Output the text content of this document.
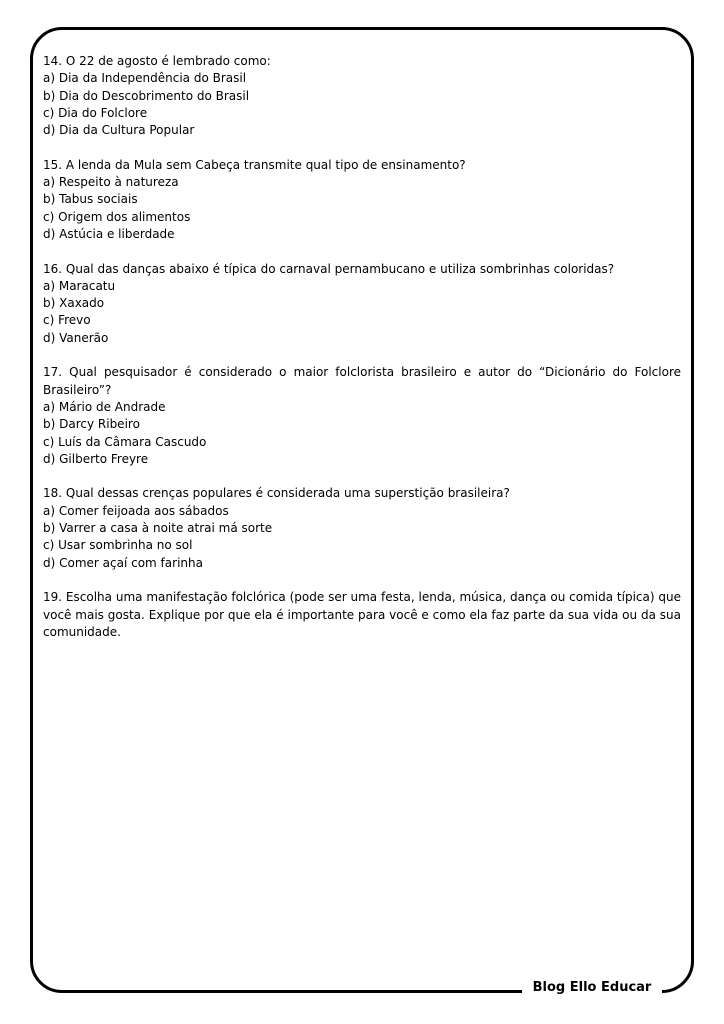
Blog Ello Educar

14. O 22 de agosto é lembrado como:

a) Dia da Independência do Brasil

b) Dia do Descobrimento do Brasil

c) Dia do Folclore

d) Dia da Cultura Popular

15. A lenda da Mula sem Cabeça transmite qual tipo de ensinamento?

a) Respeito à natureza

b) Tabus sociais

c) Origem dos alimentos

d) Astúcia e liberdade

16. Qual das danças abaixo é típica do carnaval pernambucano e utiliza sombrinhas coloridas?

a) Maracatu

b) Xaxado

c) Frevo

d) Vanerão

17. Qual pesquisador é considerado o maior folclorista brasileiro e autor do “Dicionário do Folclore Brasileiro”?

a) Mário de Andrade

b) Darcy Ribeiro

c) Luís da Câmara Cascudo

d) Gilberto Freyre

18. Qual dessas crenças populares é considerada uma superstição brasileira?

a) Comer feijoada aos sábados

b) Varrer a casa à noite atrai má sorte

c) Usar sombrinha no sol

d) Comer açaí com farinha

19. Escolha uma manifestação folclórica (pode ser uma festa, lenda, música, dança ou comida típica) que você mais gosta. Explique por que ela é importante para você e como ela faz parte da sua vida ou da sua comunidade.
